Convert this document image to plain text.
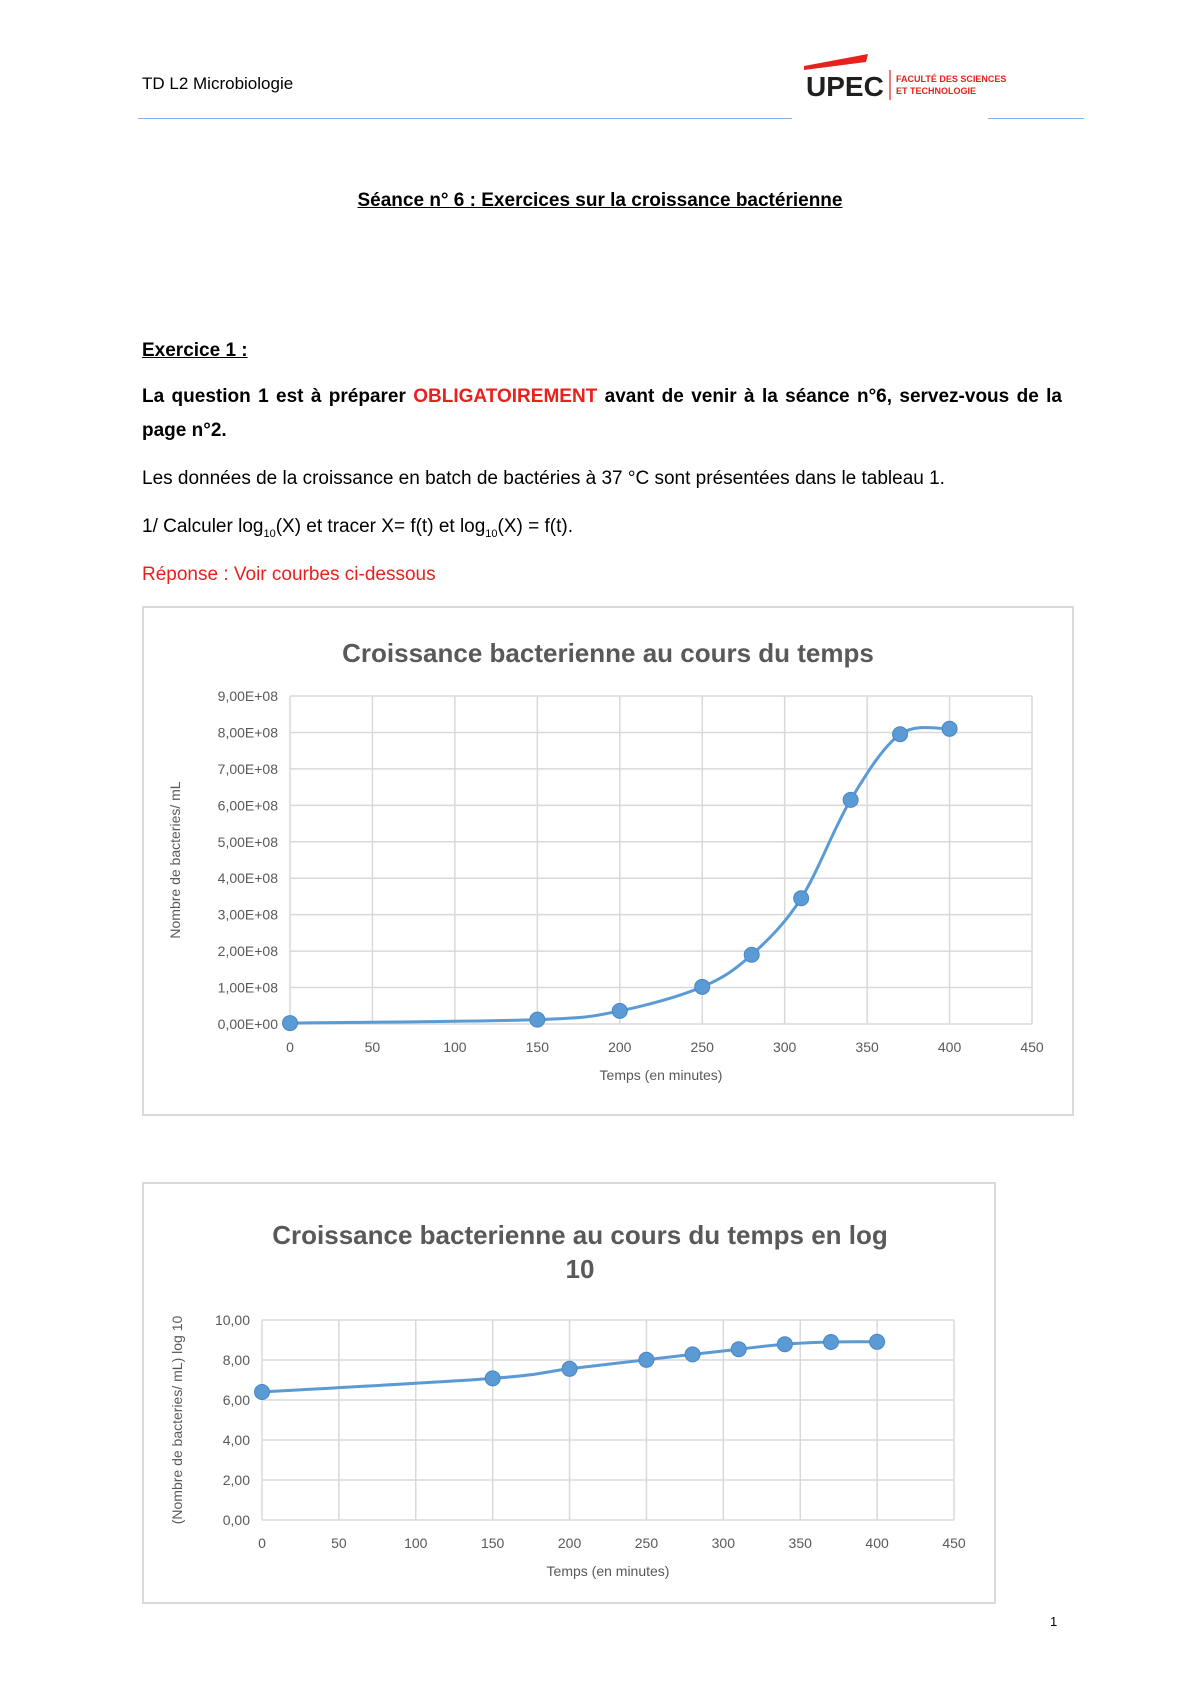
TD L2 Microbiologie	UPEC FACULTÉ DES SCIENCES
ET TECHNOLOGIE
Séance n° 6 : Exercices sur la croissance bactérienne
Exercice 1 :
La question 1 est à préparer OBLIGATOIREMENT avant de venir à la séance n°6, servez-vous de la page n°2.
Les données de la croissance en batch de bactéries à 37 °C sont présentées dans le tableau 1.
1/ Calculer $\log_{10}(X)$ et tracer X= f(t) et $\log_{10}(X) = f(t)$.
Réponse : Voir courbes ci-dessous
Croissance bacterienne au cours du temps
0,00E+00
1,00E+08
2,00E+08
3,00E+08
4,00E+08
5,00E+08
6,00E+08
7,00E+08
8,00E+08
9,00E+08
0	50	100	150	200	250	300	350	400	450
Temps (en minutes)
Nombre de bacteries/ mL
Croissance bacterienne au cours du temps en log
10
0,00
2,00
4,00
6,00
8,00
10,00
0	50	100	150	200	250	300	350	400	450
Temps (en minutes)
(Nombre de bacteries/ mL) log 10
1
